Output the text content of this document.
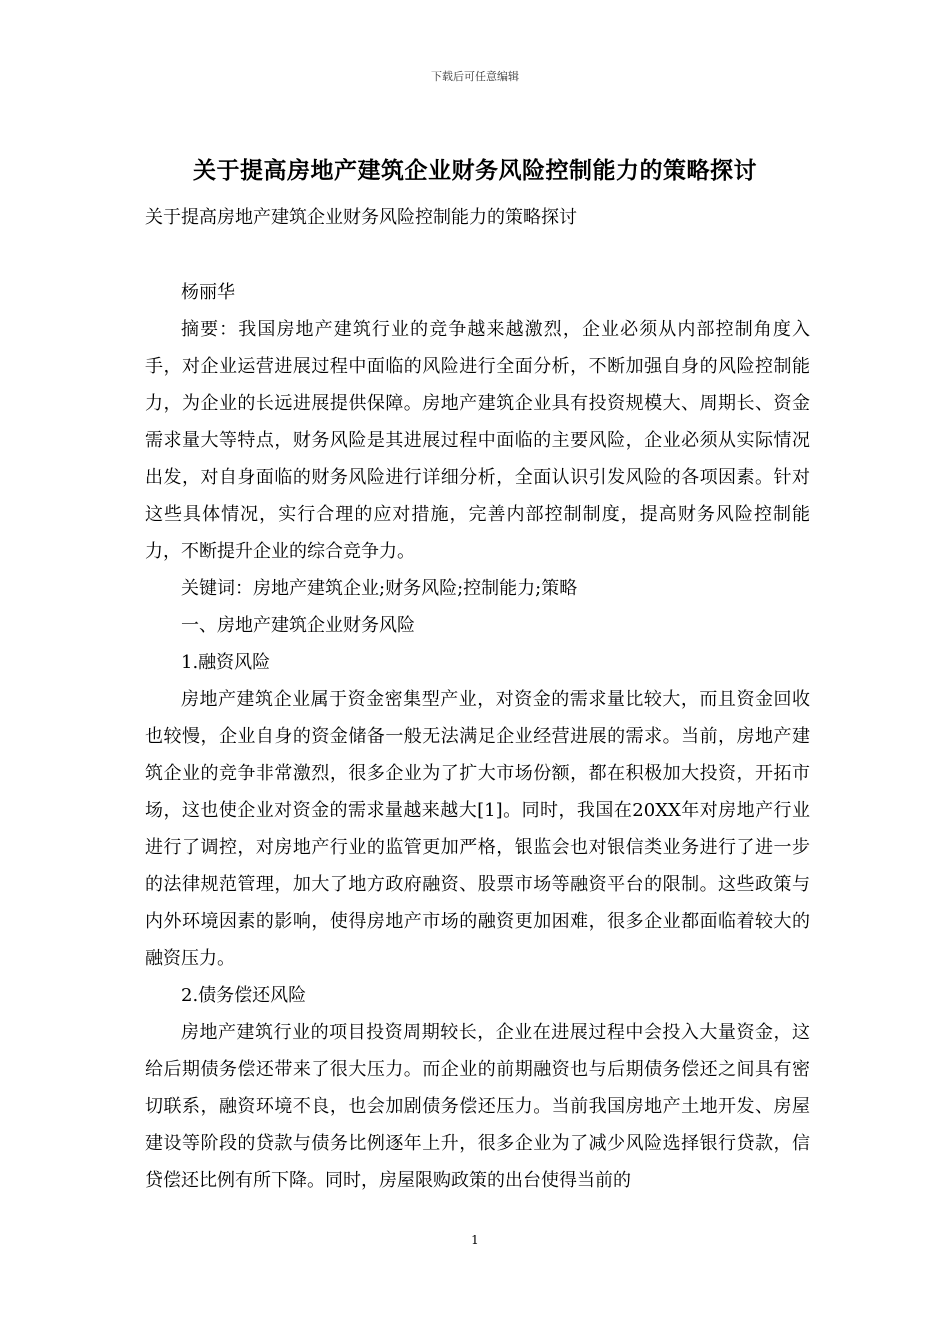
下载后可任意编辑
关于提高房地产建筑企业财务风险控制能力的策略探讨
关于提高房地产建筑企业财务风险控制能力的策略探讨

杨丽华

摘要：我国房地产建筑行业的竞争越来越激烈，企业必须从内部控制角度入手，对企业运营进展过程中面临的风险进行全面分析，不断加强自身的风险控制能力，为企业的长远进展提供保障。房地产建筑企业具有投资规模大、周期长、资金需求量大等特点，财务风险是其进展过程中面临的主要风险，企业必须从实际情况出发，对自身面临的财务风险进行详细分析，全面认识引发风险的各项因素。针对这些具体情况，实行合理的应对措施，完善内部控制制度，提高财务风险控制能力，不断提升企业的综合竞争力。

关键词：房地产建筑企业;财务风险;控制能力;策略

一、房地产建筑企业财务风险

1.融资风险

房地产建筑企业属于资金密集型产业，对资金的需求量比较大，而且资金回收也较慢，企业自身的资金储备一般无法满足企业经营进展的需求。当前，房地产建筑企业的竞争非常激烈，很多企业为了扩大市场份额，都在积极加大投资，开拓市场，这也使企业对资金的需求量越来越大[1]。同时，我国在20XX年对房地产行业进行了调控，对房地产行业的监管更加严格，银监会也对银信类业务进行了进一步的法律规范管理，加大了地方政府融资、股票市场等融资平台的限制。这些政策与内外环境因素的影响，使得房地产市场的融资更加困难，很多企业都面临着较大的融资压力。

2.债务偿还风险

房地产建筑行业的项目投资周期较长，企业在进展过程中会投入大量资金，这给后期债务偿还带来了很大压力。而企业的前期融资也与后期债务偿还之间具有密切联系，融资环境不良，也会加剧债务偿还压力。当前我国房地产土地开发、房屋建设等阶段的贷款与债务比例逐年上升，很多企业为了减少风险选择银行贷款，信贷偿还比例有所下降。同时，房屋限购政策的出台使得当前的

1
